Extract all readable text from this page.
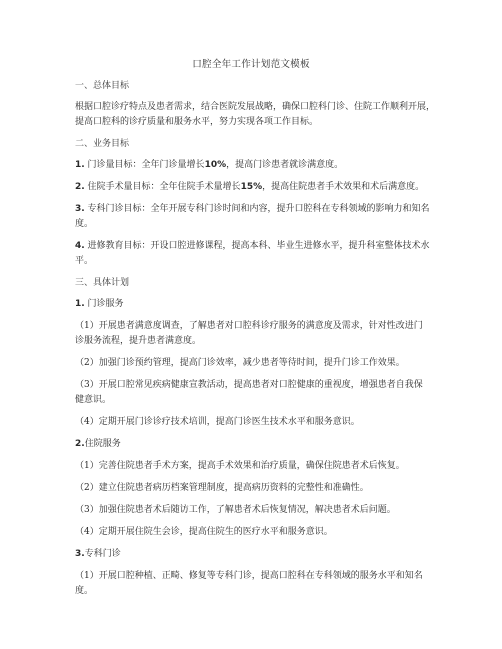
口腔全年工作计划范文模板
一、总体目标
根据口腔诊疗特点及患者需求，结合医院发展战略，确保口腔科门诊、住院工作顺利开展，
提高口腔科的诊疗质量和服务水平，努力实现各项工作目标。
二、业务目标
1. 门诊量目标：全年门诊量增长10%，提高门诊患者就诊满意度。
2. 住院手术量目标：全年住院手术量增长15%，提高住院患者手术效果和术后满意度。
3. 专科门诊目标：全年开展专科门诊时间和内容，提升口腔科在专科领域的影响力和知名
度。
4. 进修教育目标：开设口腔进修课程，提高本科、毕业生进修水平，提升科室整体技术水
平。
三、具体计划
1. 门诊服务
（1）开展患者满意度调查，了解患者对口腔科诊疗服务的满意度及需求，针对性改进门
诊服务流程，提升患者满意度。
（2）加强门诊预约管理，提高门诊效率，减少患者等待时间，提升门诊工作效果。
（3）开展口腔常见疾病健康宣教活动，提高患者对口腔健康的重视度，增强患者自我保
健意识。
（4）定期开展门诊诊疗技术培训，提高门诊医生技术水平和服务意识。
2.住院服务
（1）完善住院患者手术方案，提高手术效果和治疗质量，确保住院患者术后恢复。
（2）建立住院患者病历档案管理制度，提高病历资料的完整性和准确性。
（3）加强住院患者术后随访工作，了解患者术后恢复情况，解决患者术后问题。
（4）定期开展住院生会诊，提高住院生的医疗水平和服务意识。
3.专科门诊
（1）开展口腔种植、正畸、修复等专科门诊，提高口腔科在专科领域的服务水平和知名
度。
